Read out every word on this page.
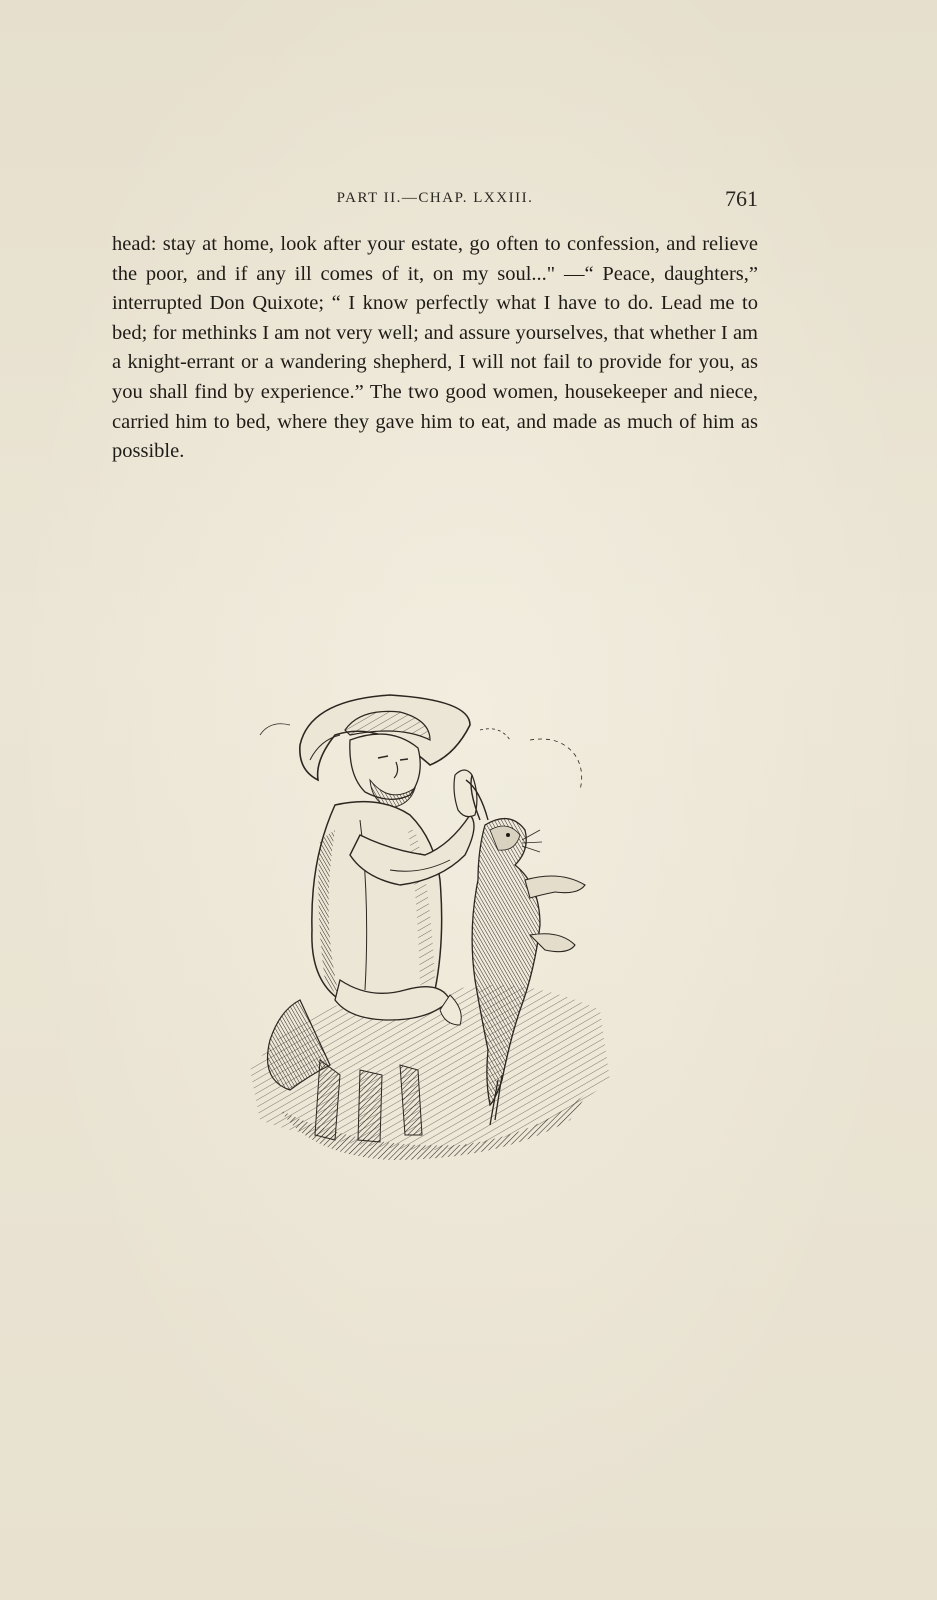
PART II.—CHAP. LXXIII.	761

head: stay at home, look after your estate, go often to confession, and relieve the poor, and if any ill comes of it, on my soul..." —“ Peace, daughters,” interrupted Don Quixote; “ I know perfectly what I have to do. Lead me to bed; for methinks I am not very well; and assure yourselves, that whether I am a knight-errant or a wandering shepherd, I will not fail to provide for you, as you shall find by experience.” The two good women, housekeeper and niece, carried him to bed, where they gave him to eat, and made as much of him as possible.
